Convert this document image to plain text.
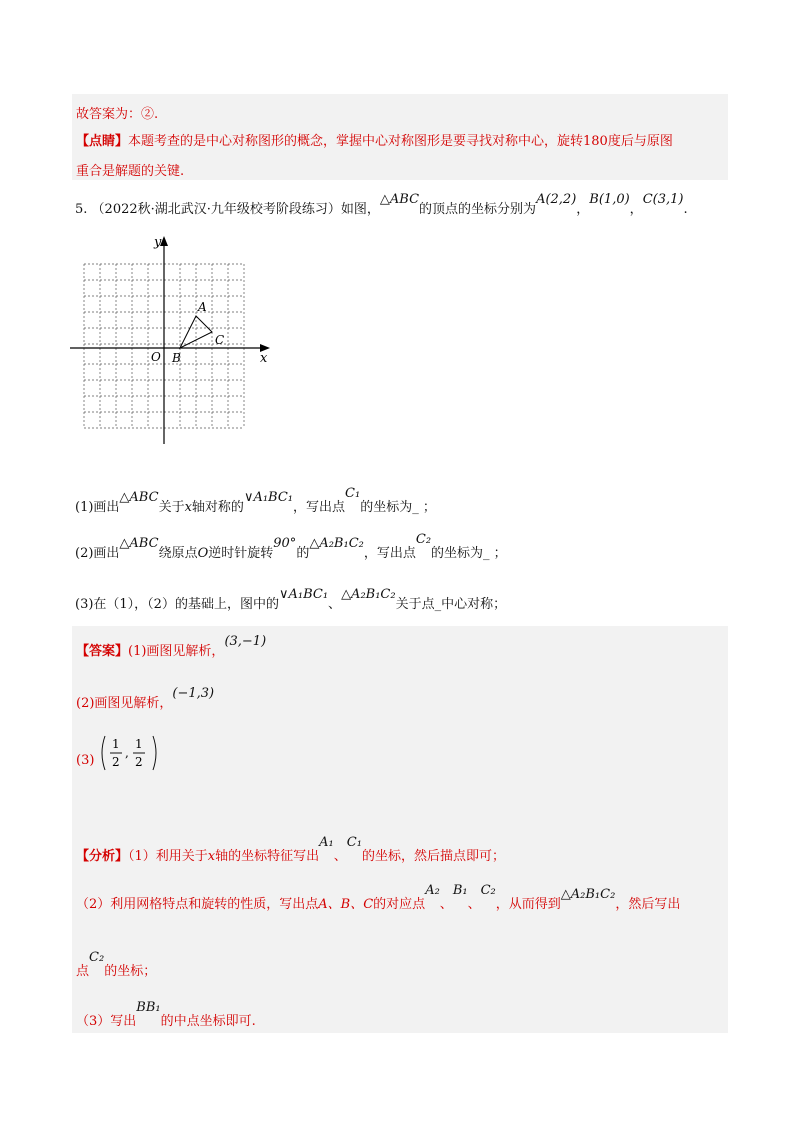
故答案为：②.
【点睛】本题考查的是中心对称图形的概念，掌握中心对称图形是要寻找对称中心，旋转180度后与原图
重合是解题的关键.
5. （2022秋·湖北武汉·九年级校考阶段练习）如图，△ABC的顶点的坐标分别为A(2,2)，B(1,0)，C(3,1).
y
x
O
A
B
C
(1)画出△ABC关于x轴对称的∨A₁BC₁，写出点C₁的坐标为_ ；
(2)画出△ABC绕原点O逆时针旋转90°的△A₂B₁C₂，写出点C₂的坐标为_ ；
(3)在（1），（2）的基础上，图中的∨A₁BC₁、△A₂B₁C₂关于点_中心对称；
【答案】(1)画图见解析，(3,−1)
(2)画图见解析，(−1,3)
(3)
1
2
,
1
2
【分析】（1）利用关于x轴的坐标特征写出A₁、C₁的坐标，然后描点即可；
（2）利用网格特点和旋转的性质，写出点A、B、C的对应点A₂、B₁、C₂，从而得到△A₂B₁C₂，然后写出
点C₂的坐标；
（3）写出BB₁的中点坐标即可.
